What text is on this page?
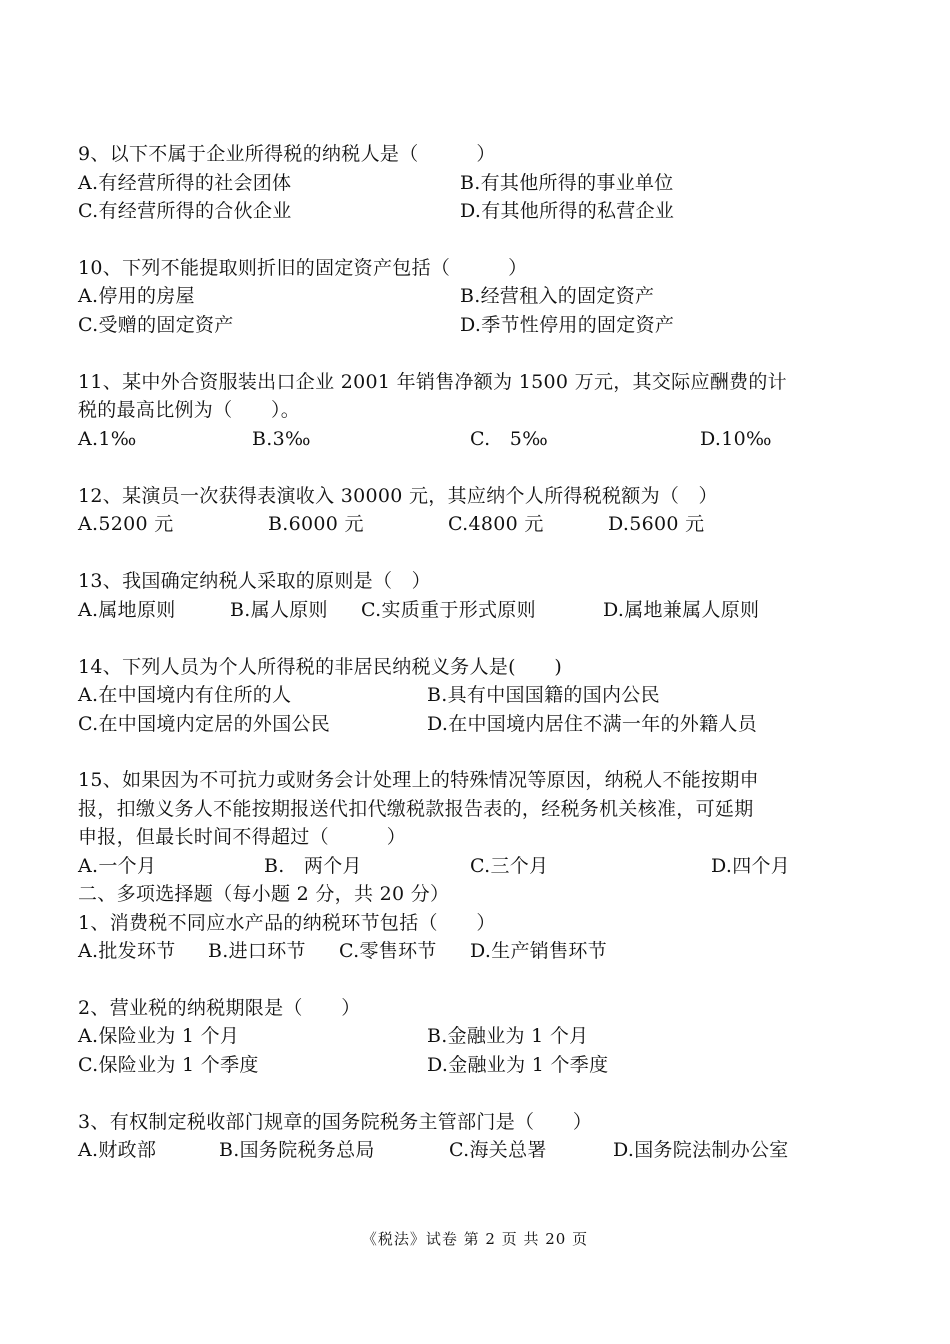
9、以下不属于企业所得税的纳税人是（　　　）
A.有经营所得的社会团体	B.有其他所得的事业单位
C.有经营所得的合伙企业	D.有其他所得的私营企业
10、下列不能提取则折旧的固定资产包括（　　　）
A.停用的房屋	B.经营租入的固定资产
C.受赠的固定资产	D.季节性停用的固定资产
11、某中外合资服装出口企业 2001 年销售净额为 1500 万元，其交际应酬费的计
税的最高比例为（　　）。
A.1‰	B.3‰	C.　5‰	D.10‰
12、某演员一次获得表演收入 30000 元，其应纳个人所得税税额为（　）
A.5200 元	B.6000 元	C.4800 元	D.5600 元
13、我国确定纳税人采取的原则是（　）
A.属地原则	B.属人原则 C.实质重于形式原则	D.属地兼属人原则
14、下列人员为个人所得税的非居民纳税义务人是(　　)
A.在中国境内有住所的人	B.具有中国国籍的国内公民
C.在中国境内定居的外国公民	D.在中国境内居住不满一年的外籍人员
15、如果因为不可抗力或财务会计处理上的特殊情况等原因，纳税人不能按期申
报，扣缴义务人不能按期报送代扣代缴税款报告表的，经税务机关核准，可延期
申报，但最长时间不得超过（　　　）
A.一个月	B.　两个月	C.三个月	D.四个月
二、多项选择题（每小题 2 分，共 20 分）
1、消费税不同应水产品的纳税环节包括（　　）
A.批发环节 B.进口环节 C.零售环节 D.生产销售环节
2、营业税的纳税期限是（　　）
A.保险业为 1 个月	B.金融业为 1 个月
C.保险业为 1 个季度	D.金融业为 1 个季度
3、有权制定税收部门规章的国务院税务主管部门是（　　）
A.财政部	B.国务院税务总局	C.海关总署	D.国务院法制办公室
《税法》试卷 第 2 页 共 20 页
